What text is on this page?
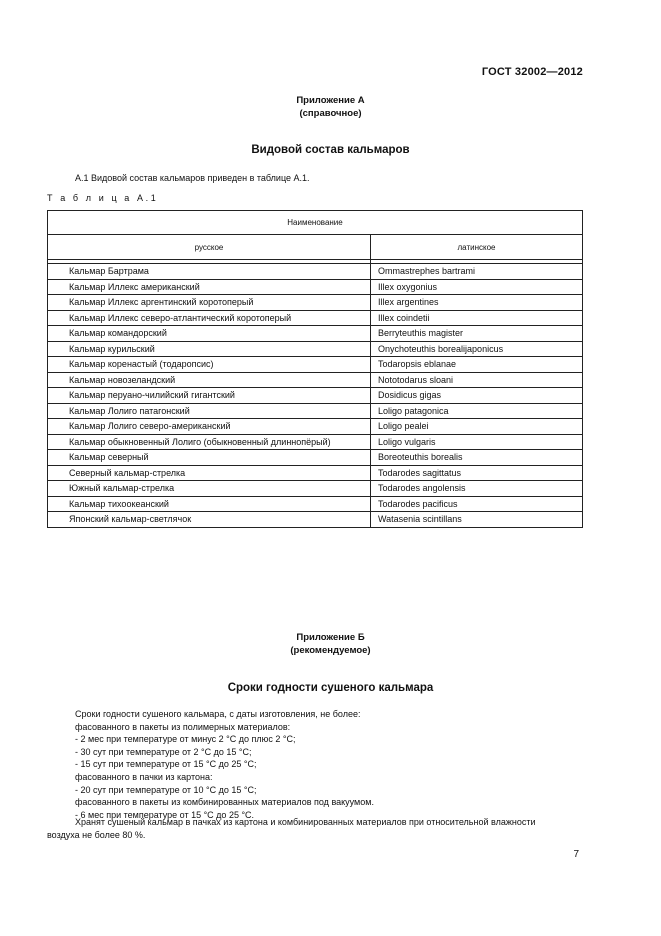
ГОСТ 32002—2012
Приложение А
(справочное)
Видовой состав кальмаров
А.1 Видовой состав кальмаров приведен в таблице А.1.
Т а б л и ц а А.1
Наименование	
русское	латинское

Кальмар Бартрама	Ommastrephes bartrami
Кальмар Иллекс американский	Illex oxygonius
Кальмар Иллекс аргентинский коротоперый	Illex argentines
Кальмар Иллекс северо-атлантический коротоперый	Illex coindetii
Кальмар командорский	Berryteuthis magister
Кальмар курильский	Onychoteuthis borealijaponicus
Кальмар коренастый (тодаропсис)	Todaropsis eblanae
Кальмар новозеландский	Nototodarus sloani
Кальмар перуано-чилийский гигантский	Dosidicus gigas
Кальмар Лолиго патагонский	Loligo patagonica
Кальмар Лолиго северо-американский	Loligo pealei
Кальмар обыкновенный Лолиго (обыкновенный длиннопёрый)	Loligo vulgaris
Кальмар северный	Boreoteuthis borealis
Северный кальмар-стрелка	Todarodes sagittatus
Южный кальмар-стрелка	Todarodes angolensis
Кальмар тихоокеанский	Todarodes pacificus
Японский кальмар-светлячок	Watasenia scintillans
Приложение Б
(рекомендуемое)
Сроки годности сушеного кальмара
Сроки годности сушеного кальмара, с даты изготовления, не более:
фасованного в пакеты из полимерных материалов:
- 2 мес при температуре от минус 2 °С до плюс 2 °С;
- 30 сут при температуре от 2 °С до 15 °С;
- 15 сут при температуре от 15 °С до 25 °С;
фасованного в пачки из картона:
- 20 сут при температуре от 10 °С до 15 °С;
фасованного в пакеты из комбинированных материалов под вакуумом.
- 6 мес при температуре от 15 °С до 25 °С.
Хранят сушеный кальмар в пачках из картона и комбинированных материалов при относительной влажности
воздуха не более 80 %.
7
